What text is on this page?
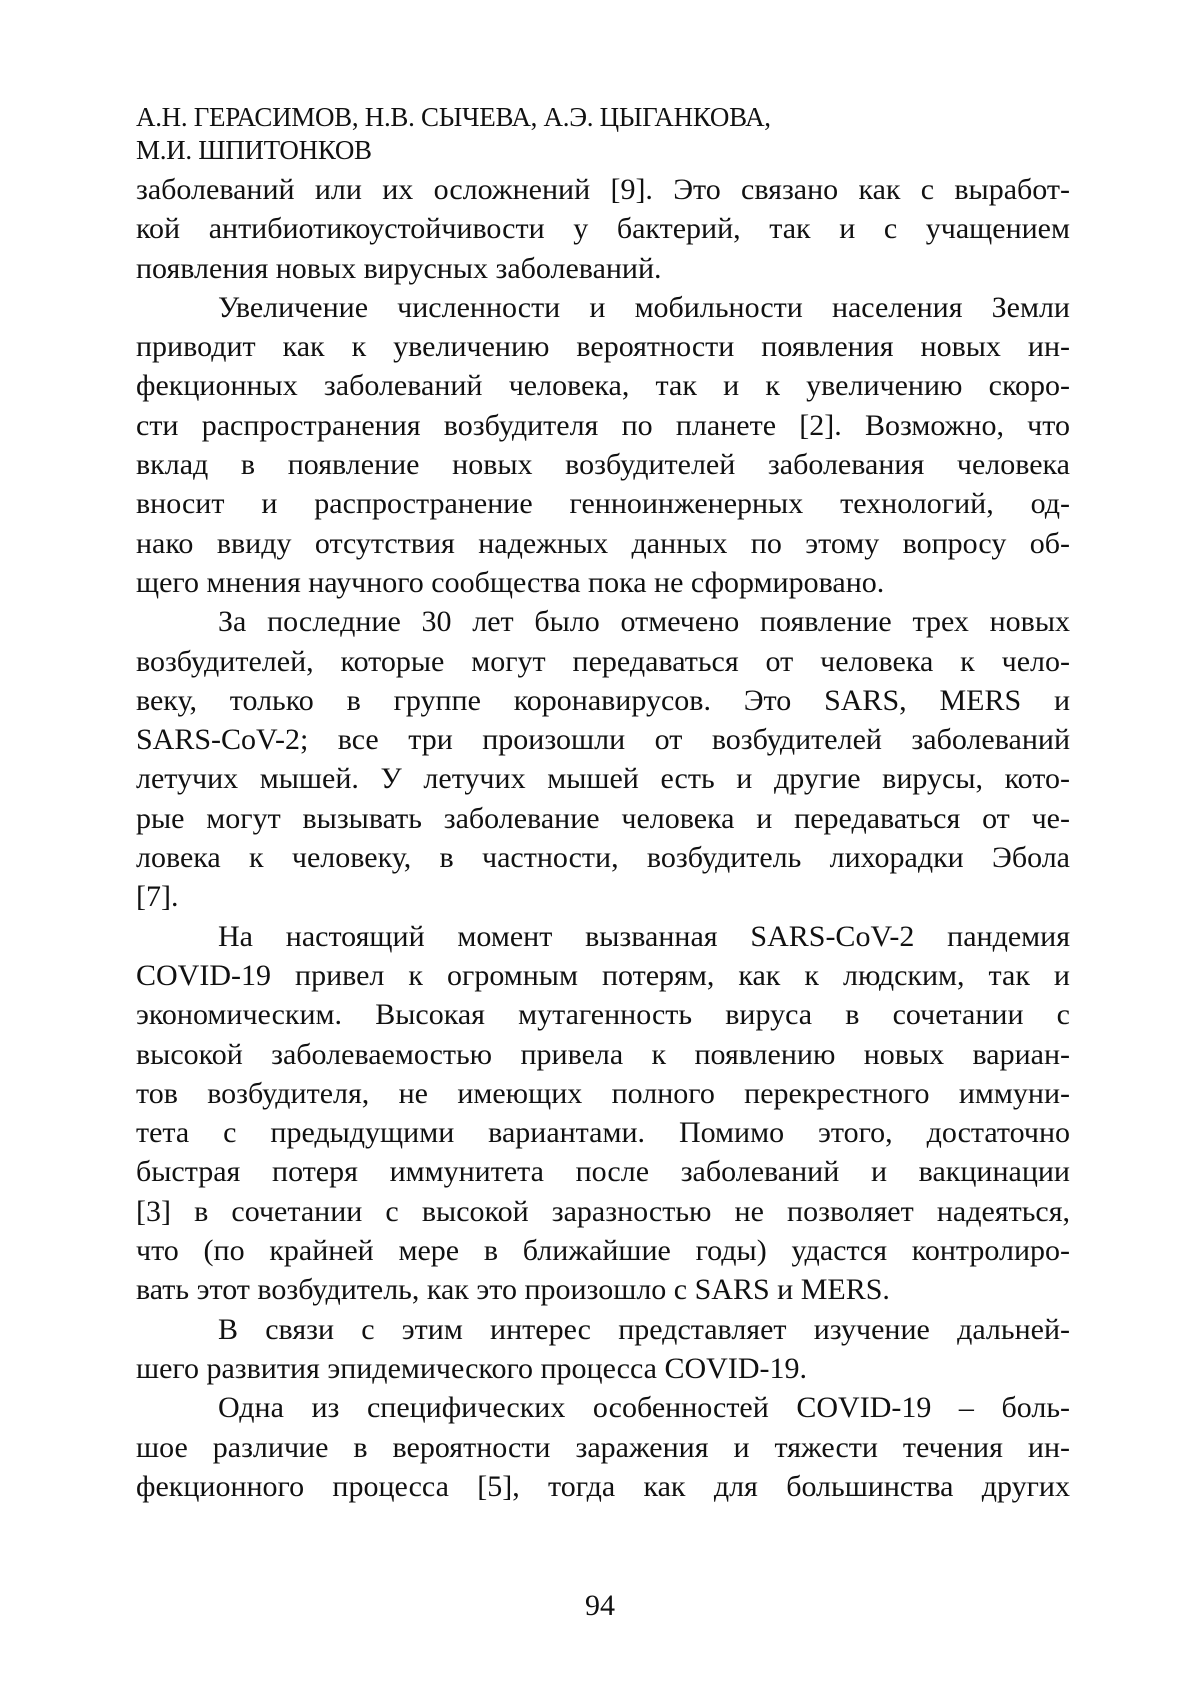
А.Н. ГЕРАСИМОВ, Н.В. СЫЧЕВА, А.Э. ЦЫГАНКОВА,
М.И. ШПИТОНКОВ
заболеваний или их осложнений [9]. Это связано как с выработ-
кой антибиотикоустойчивости у бактерий, так и с учащением
появления новых вирусных заболеваний.
Увеличение численности и мобильности населения Земли
приводит как к увеличению вероятности появления новых ин-
фекционных заболеваний человека, так и к увеличению скоро-
сти распространения возбудителя по планете [2]. Возможно, что
вклад в появление новых возбудителей заболевания человека
вносит и распространение генноинженерных технологий, од-
нако ввиду отсутствия надежных данных по этому вопросу об-
щего мнения научного сообщества пока не сформировано.
За последние 30 лет было отмечено появление трех новых
возбудителей, которые могут передаваться от человека к чело-
веку, только в группе коронавирусов. Это SARS, MERS и
SARS-CoV-2; все три произошли от возбудителей заболеваний
летучих мышей. У летучих мышей есть и другие вирусы, кото-
рые могут вызывать заболевание человека и передаваться от че-
ловека к человеку, в частности, возбудитель лихорадки Эбола
[7].
На настоящий момент вызванная SARS-CoV-2 пандемия
COVID-19 привел к огромным потерям, как к людским, так и
экономическим. Высокая мутагенность вируса в сочетании с
высокой заболеваемостью привела к появлению новых вариан-
тов возбудителя, не имеющих полного перекрестного иммуни-
тета с предыдущими вариантами. Помимо этого, достаточно
быстрая потеря иммунитета после заболеваний и вакцинации
[3] в сочетании с высокой заразностью не позволяет надеяться,
что (по крайней мере в ближайшие годы) удастся контролиро-
вать этот возбудитель, как это произошло с SARS и MERS.
В связи с этим интерес представляет изучение дальней-
шего развития эпидемического процесса COVID-19.
Одна из специфических особенностей COVID-19 – боль-
шое различие в вероятности заражения и тяжести течения ин-
фекционного процесса [5], тогда как для большинства других
94
